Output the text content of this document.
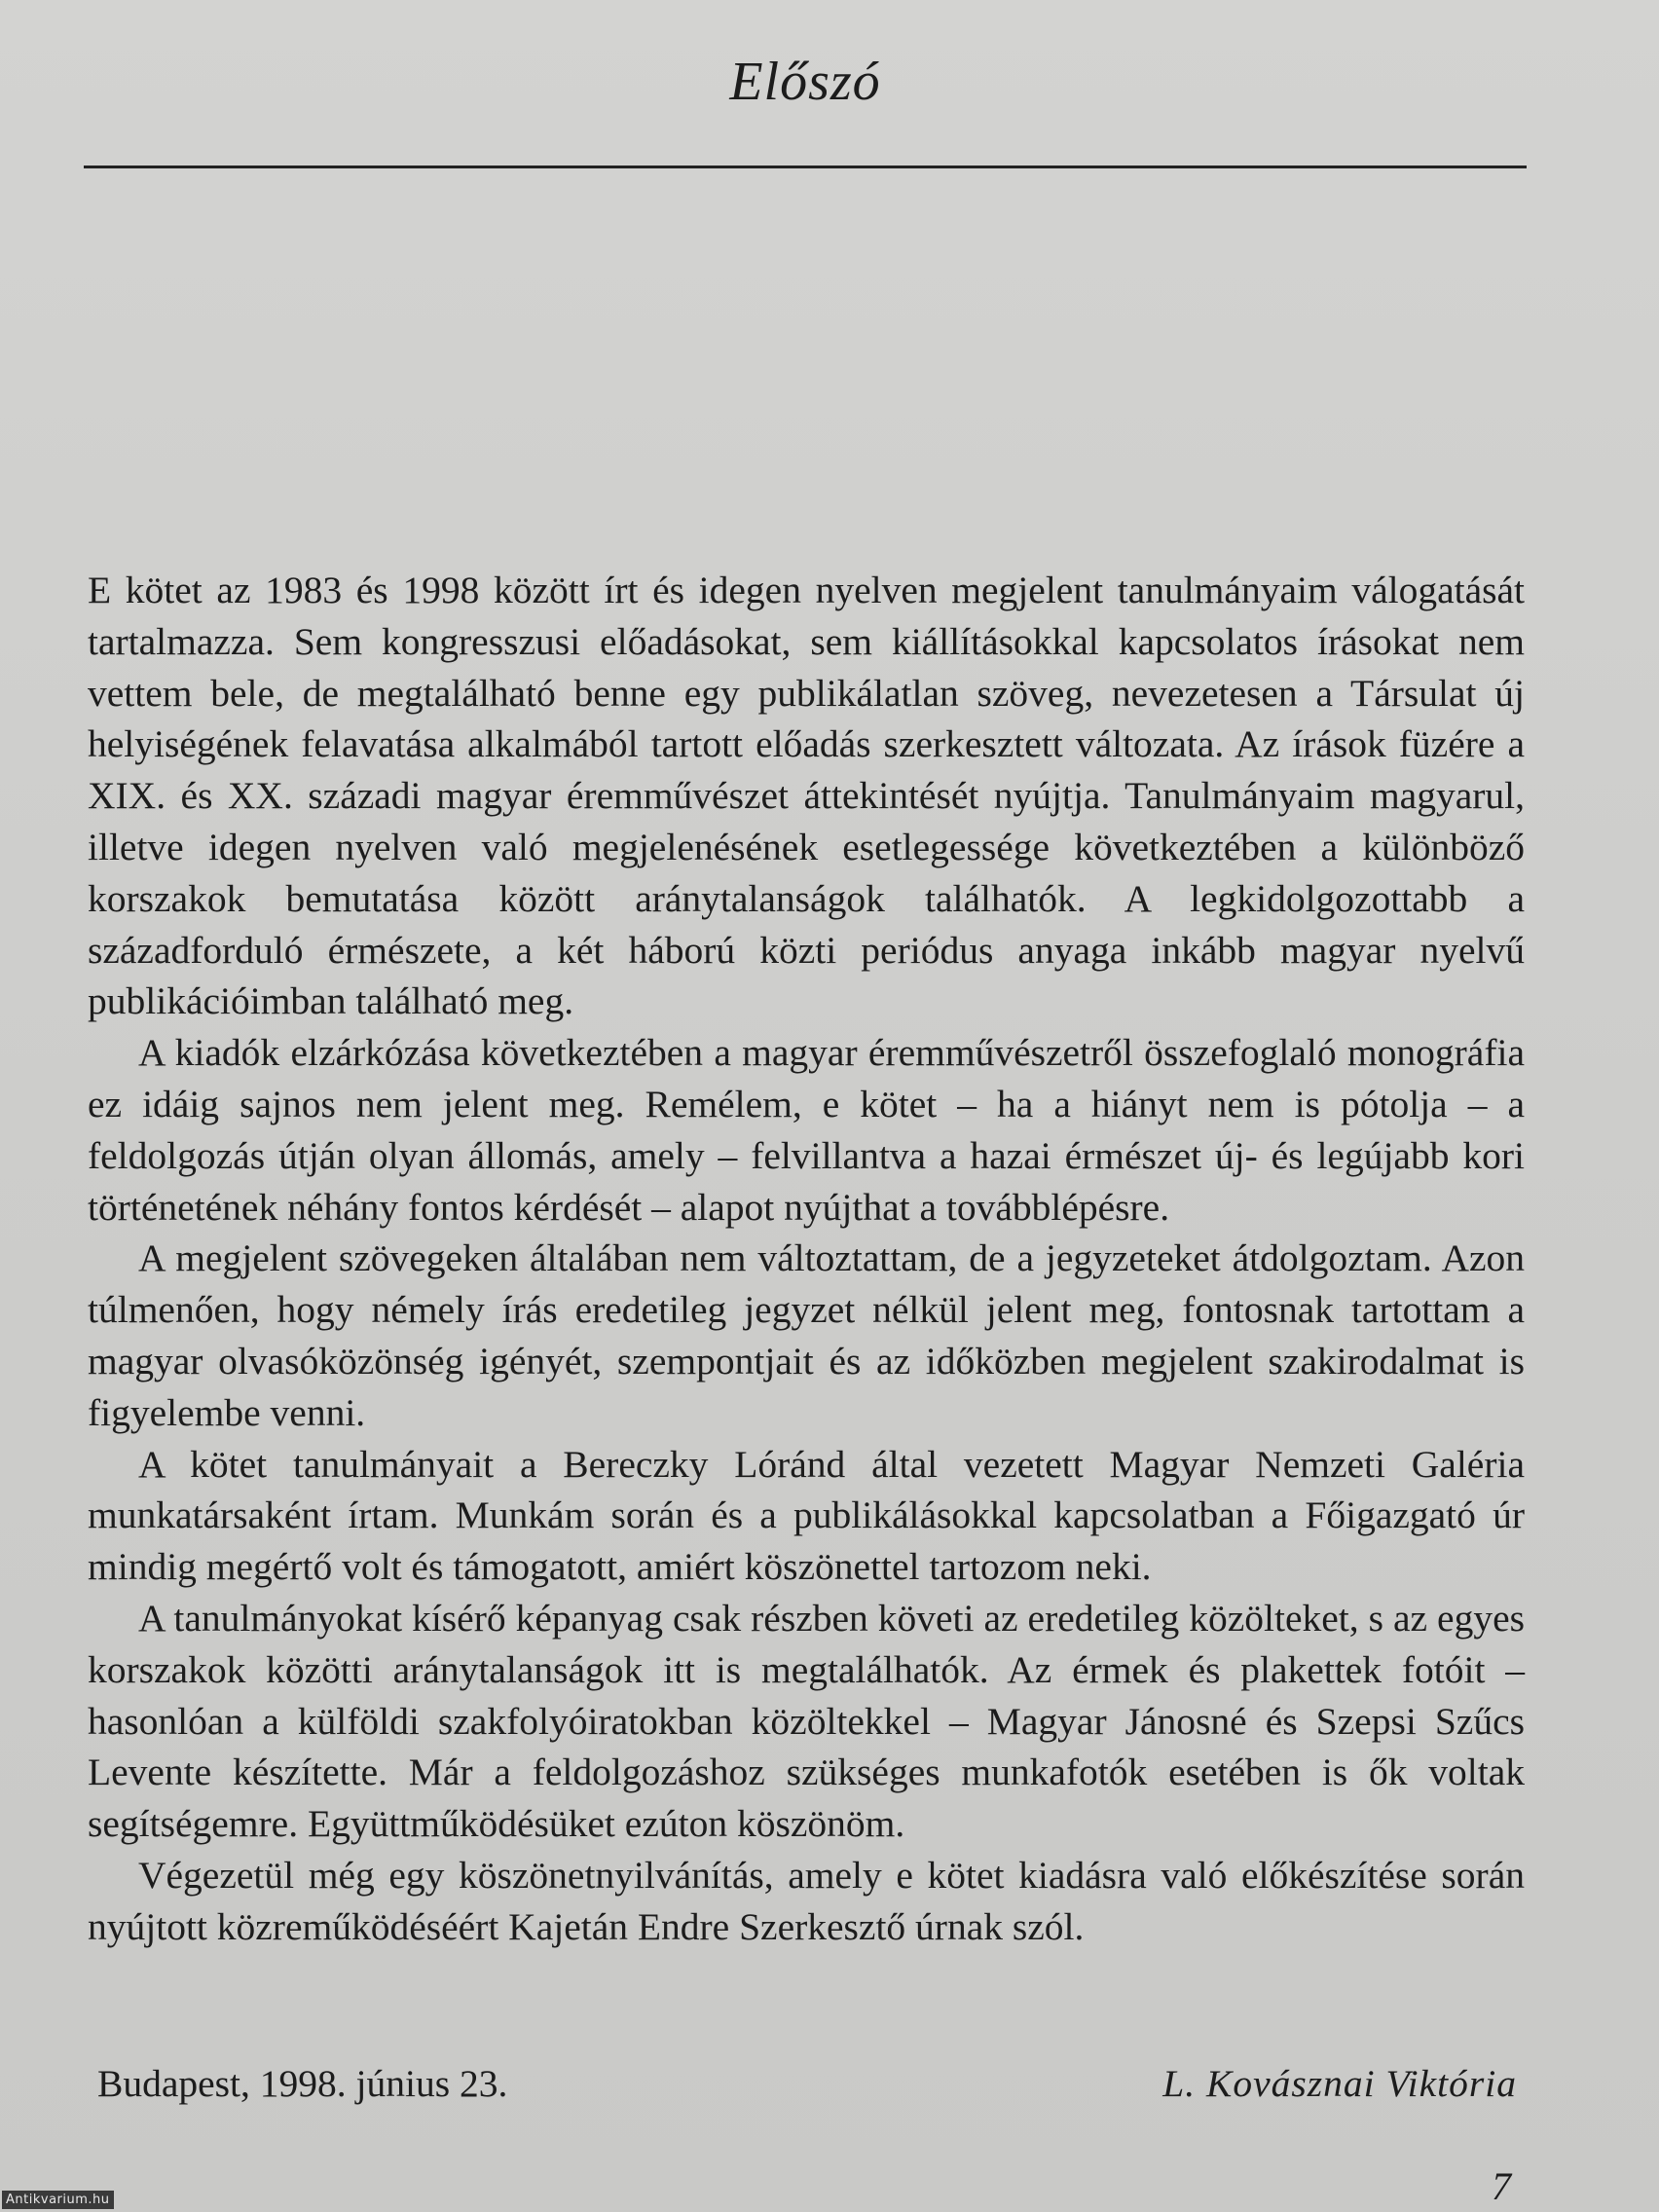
Előszó

E kötet az 1983 és 1998 között írt és idegen nyelven megjelent tanulmányaim válogatását tartalmazza. Sem kongresszusi előadásokat, sem kiállításokkal kapcsolatos írásokat nem vettem bele, de megtalálható benne egy publikálatlan szöveg, nevezetesen a Társulat új helyiségének felavatása alkalmából tartott előadás szerkesztett változata. Az írások füzére a XIX. és XX. századi magyar éremművészet áttekintését nyújtja. Tanulmányaim magyarul, illetve idegen nyelven való megjelenésének esetlegessége következtében a különböző korszakok bemutatása között aránytalanságok találhatók. A legkidolgozottabb a századforduló érmészete, a két háború közti periódus anyaga inkább magyar nyelvű publikációimban található meg.

A kiadók elzárkózása következtében a magyar éremművészetről összefoglaló monográfia ez idáig sajnos nem jelent meg. Remélem, e kötet – ha a hiányt nem is pótolja – a feldolgozás útján olyan állomás, amely – felvillantva a hazai érmészet új- és legújabb kori történetének néhány fontos kérdését – alapot nyújthat a továbblépésre.

A megjelent szövegeken általában nem változtattam, de a jegyzeteket átdolgoztam. Azon túlmenően, hogy némely írás eredetileg jegyzet nélkül jelent meg, fontosnak tartottam a magyar olvasóközönség igényét, szempontjait és az időközben megjelent szakirodalmat is figyelembe venni.

A kötet tanulmányait a Bereczky Lóránd által vezetett Magyar Nemzeti Galéria munkatársaként írtam. Munkám során és a publikálásokkal kapcsolatban a Főigazgató úr mindig megértő volt és támogatott, amiért köszönettel tartozom neki.

A tanulmányokat kísérő képanyag csak részben követi az eredetileg közölteket, s az egyes korszakok közötti aránytalanságok itt is megtalálhatók. Az érmek és plakettek fotóit – hasonlóan a külföldi szakfolyóiratokban közöltekkel – Magyar Jánosné és Szepsi Szűcs Levente készítette. Már a feldolgozáshoz szükséges munkafotók esetében is ők voltak segítségemre. Együttműködésüket ezúton köszönöm.

Végezetül még egy köszönetnyilvánítás, amely e kötet kiadásra való előkészítése során nyújtott közreműködéséért Kajetán Endre Szerkesztő úrnak szól.

Budapest, 1998. június 23.	L. Kovásznai Viktória
7
Antikvarium.hu
